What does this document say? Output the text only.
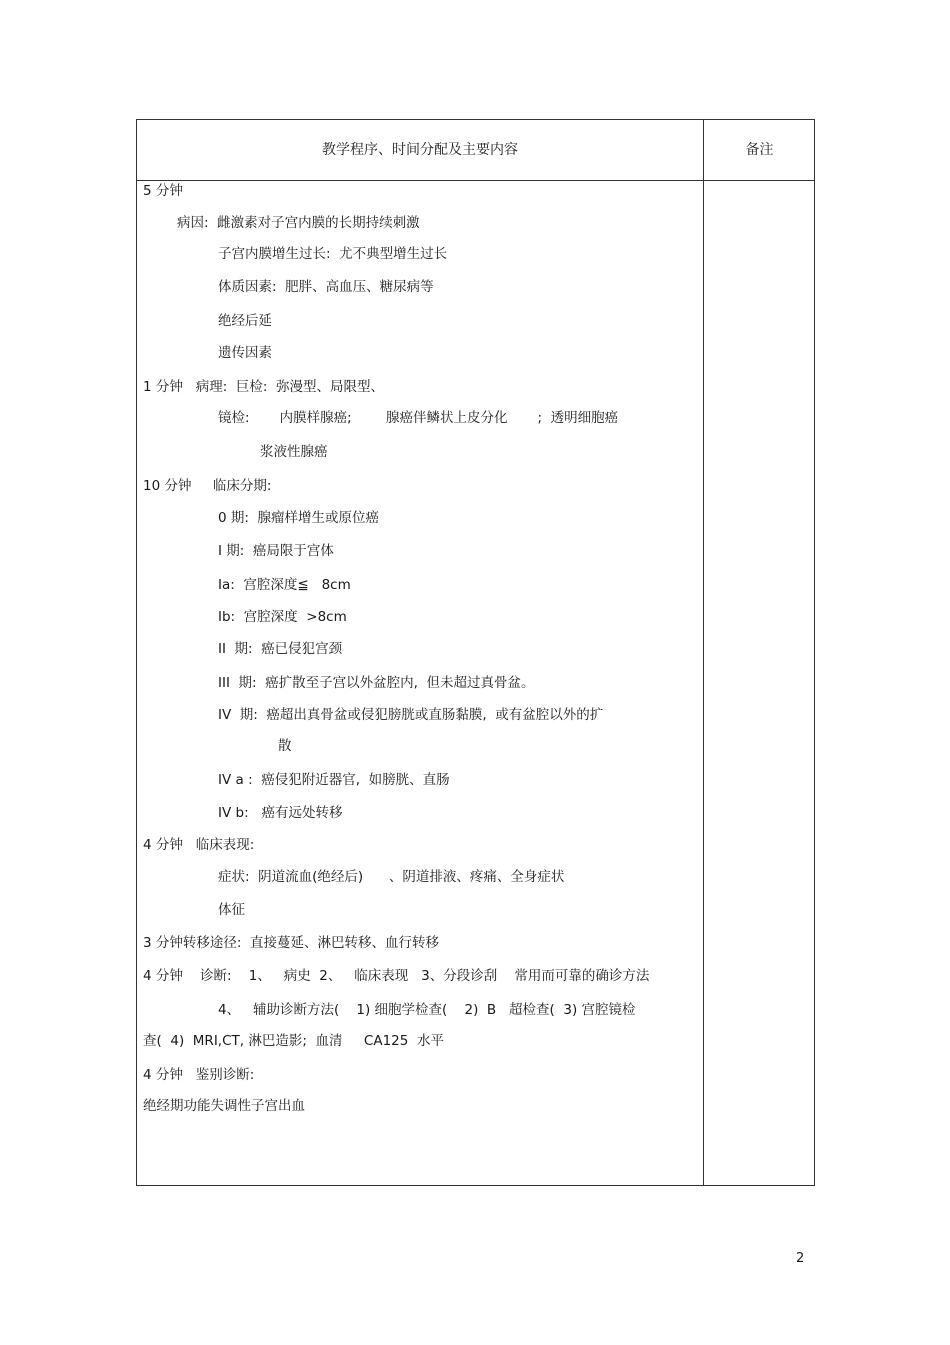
教学程序、时间分配及主要内容	备注
5 分钟
病因:  雌激素对子宫内膜的长期持续刺激
子宫内膜增生过长:  尤不典型增生过长
体质因素:  肥胖、高血压、糖尿病等
绝经后延
遗传因素
1 分钟   病理:  巨检:  弥漫型、局限型、
镜检:       内膜样腺癌;        腺癌伴鳞状上皮分化       ;  透明细胞癌
浆液性腺癌
10 分钟     临床分期:
0 期:  腺瘤样增生或原位癌
I 期:  癌局限于宫体
Ia:  宫腔深度≦   8cm
Ib:  宫腔深度  >8cm
II  期:  癌已侵犯宫颈
III  期:  癌扩散至子宫以外盆腔内,  但未超过真骨盆。
IV  期:  癌超出真骨盆或侵犯膀胱或直肠黏膜,  或有盆腔以外的扩
散
IV a :  癌侵犯附近器官,  如膀胱、直肠
IV b:   癌有远处转移
4 分钟   临床表现:
症状:  阴道流血(绝经后)      、阴道排液、疼痛、全身症状
体征
3 分钟转移途径:  直接蔓延、淋巴转移、血行转移
4 分钟    诊断:    1、   病史  2、   临床表现   3、分段诊刮    常用而可靠的确诊方法
4、   辅助诊断方法(    1) 细胞学检查(    2)  B   超检查(  3) 宫腔镜检
查(  4)  MRI,CT, 淋巴造影;  血清     CA125  水平
4 分钟   鉴别诊断:
绝经期功能失调性子宫出血
2
